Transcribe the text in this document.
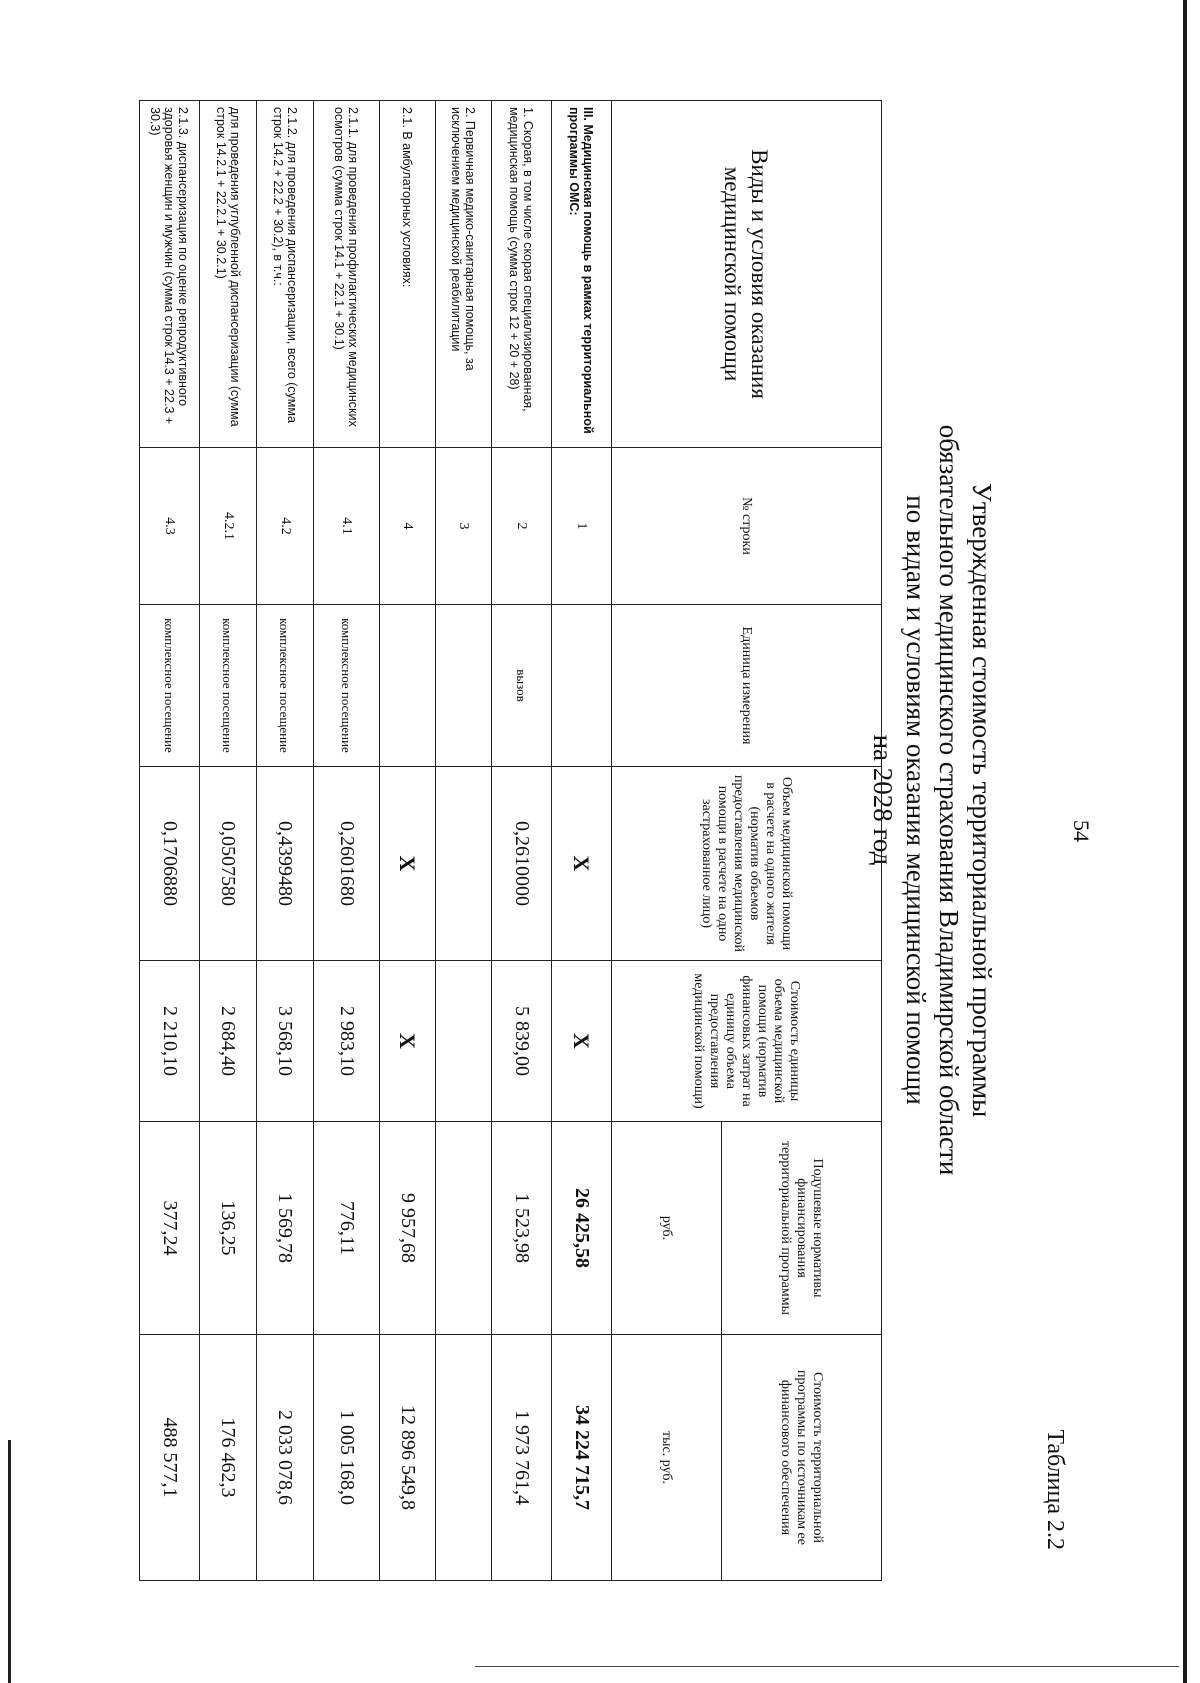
54
Таблица 2.2
Утвержденная стоимость территориальной программы
обязательного медицинского страхования Владимирской области
по видам и условиям оказания медицинской помощи
на 2028 год
Виды и условия оказания медицинской помощи	№ строки	Единица измерения	Объем медицинской помощи в расчете на одного жителя (норматив объемов предоставления медицинской помощи в расчете на одно застрахованное лицо)	Стоимость единицы объема медицинской помощи (норматив финансовых затрат на единицу объема предоставления медицинской помощи)	Подушевые нормативы финансирования территориальной программы	Стоимость территориальной программы по источникам ее финансового обеспечения
					руб.	тыс. руб.
III. Медицинская помощь в рамках территориальной программы ОМС:	1		X	X	26 425,58	34 224 715,7
1. Скорая, в том числе скорая специализированная, медицинская помощь (сумма строк 12 + 20 + 28)	2	вызов	0,2610000	5 839,00	1 523,98	1 973 761,4
2. Первичная медико-санитарная помощь, за исключением медицинской реабилитации	3					
2.1. В амбулаторных условиях:	4		X	X	9 957,68	12 896 549,8
2.1.1. для проведения профилактических медицинских осмотров (сумма строк 14.1 + 22.1 + 30.1)	4.1	комплексное посещение	0,2601680	2 983,10	776,11	1 005 168,0
2.1.2. для проведения диспансеризации, всего (сумма строк 14.2 + 22.2 + 30.2), в т.ч.:	4.2	комплексное посещение	0,4399480	3 568,10	1 569,78	2 033 078,6
для проведения углубленной диспансеризации (сумма строк 14.2.1 + 22.2.1 + 30.2.1)	4.2.1	комплексное посещение	0,0507580	2 684,40	136,25	176 462,3
2.1.3. диспансеризация по оценке репродуктивного здоровья женщин и мужчин (сумма строк 14.3 + 22.3 + 30.3)	4.3	комплексное посещение	0,1706880	2 210,10	377,24	488 577,1
